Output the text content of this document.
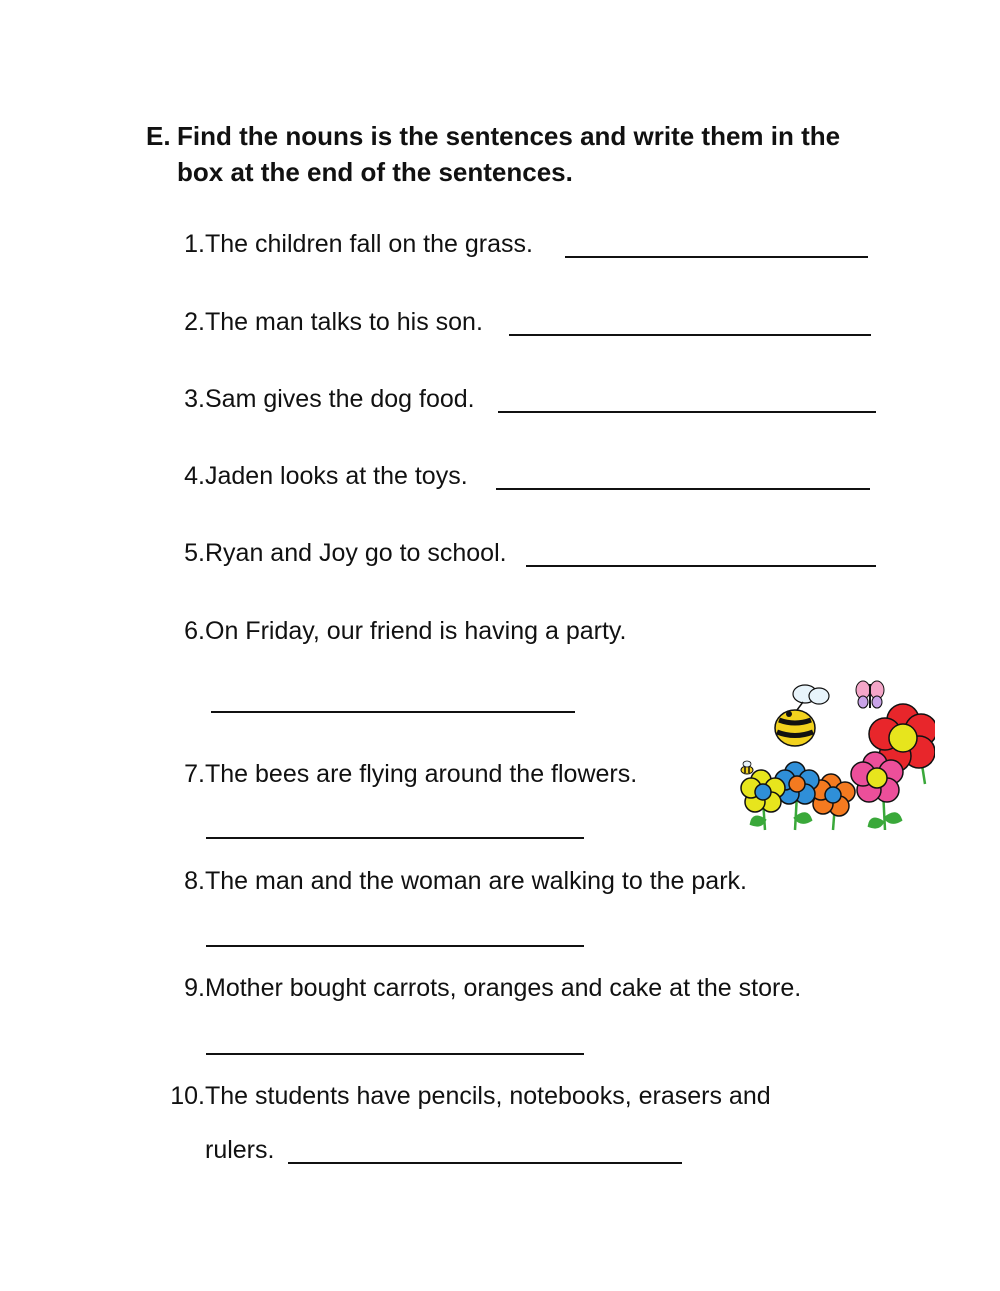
E. Find the nouns is the sentences and write them in the
box at the end of the sentences.
1. The children fall on the grass.
2. The man talks to his son.
3. Sam gives the dog food.
4. Jaden looks at the toys.
5. Ryan and Joy go to school.
6. On Friday, our friend is having a party.
7. The bees are flying around the flowers.
8. The man and the woman are walking to the park.
9. Mother bought carrots, oranges and cake at the store.
10. The students have pencils, notebooks, erasers and
rulers.
